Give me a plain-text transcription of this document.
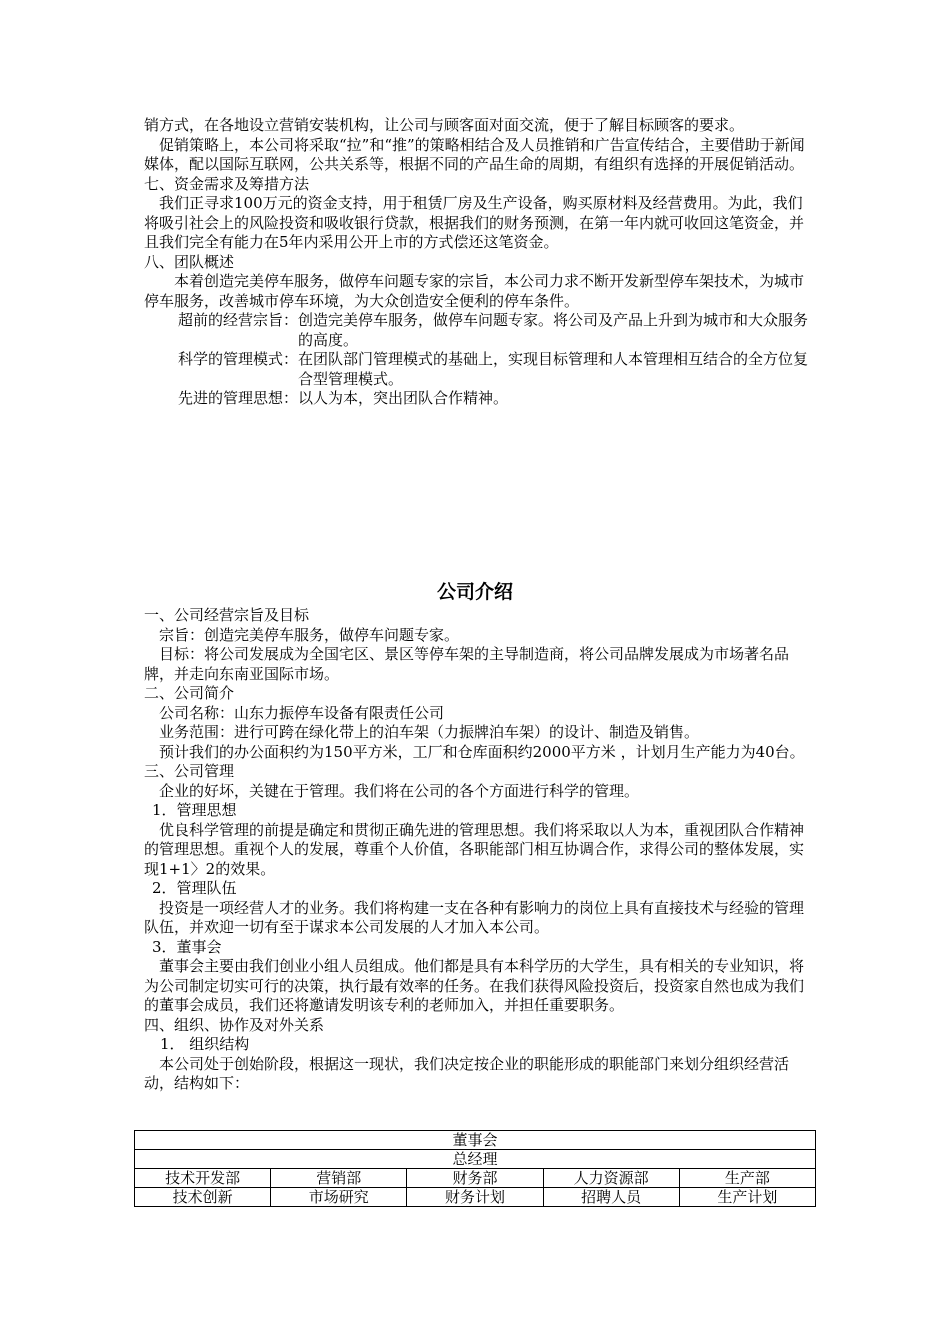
销方式，在各地设立营销安装机构，让公司与顾客面对面交流，便于了解目标顾客的要求。

促销策略上，本公司将采取“拉”和“推”的策略相结合及人员推销和广告宣传结合，主要借助于新闻媒体，配以国际互联网，公共关系等，根据不同的产品生命的周期，有组织有选择的开展促销活动。

七、资金需求及筹措方法

我们正寻求100万元的资金支持，用于租赁厂房及生产设备，购买原材料及经营费用。为此，我们将吸引社会上的风险投资和吸收银行贷款，根据我们的财务预测，在第一年内就可收回这笔资金，并且我们完全有能力在5年内采用公开上市的方式偿还这笔资金。

八、团队概述

本着创造完美停车服务，做停车问题专家的宗旨，本公司力求不断开发新型停车架技术，为城市停车服务，改善城市停车环境，为大众创造安全便利的停车条件。

超前的经营宗旨： 创造完美停车服务，做停车问题专家。将公司及产品上升到为城市和大众服务的高度。
科学的管理模式： 在团队部门管理模式的基础上，实现目标管理和人本管理相互结合的全方位复合型管理模式。
先进的管理思想： 以人为本，突出团队合作精神。
公司介绍

一、公司经营宗旨及目标

宗旨：创造完美停车服务，做停车问题专家。

目标：将公司发展成为全国宅区、景区等停车架的主导制造商，将公司品牌发展成为市场著名品牌，并走向东南亚国际市场。

二、公司简介

公司名称：山东力振停车设备有限责任公司

业务范围：进行可跨在绿化带上的泊车架（力振牌泊车架）的设计、制造及销售。

预计我们的办公面积约为150平方米，工厂和仓库面积约2000平方米 ，计划月生产能力为40台。

三、公司管理

企业的好坏，关键在于管理。我们将在公司的各个方面进行科学的管理。

1．管理思想

优良科学管理的前提是确定和贯彻正确先进的管理思想。我们将采取以人为本，重视团队合作精神的管理思想。重视个人的发展，尊重个人价值，各职能部门相互协调合作，求得公司的整体发展，实现1+1〉2的效果。

2．管理队伍

投资是一项经营人才的业务。我们将构建一支在各种有影响力的岗位上具有直接技术与经验的管理队伍，并欢迎一切有至于谋求本公司发展的人才加入本公司。

3．董事会

董事会主要由我们创业小组人员组成。他们都是具有本科学历的大学生，具有相关的专业知识，将为公司制定切实可行的决策，执行最有效率的任务。在我们获得风险投资后，投资家自然也成为我们的董事会成员，我们还将邀请发明该专利的老师加入，并担任重要职务。

四、组织、协作及对外关系

1． 组织结构

本公司处于创始阶段，根据这一现状，我们决定按企业的职能形成的职能部门来划分组织经营活动，结构如下：

董事会				
总经理				
技术开发部	营销部	财务部	人力资源部	生产部
技术创新	市场研究	财务计划	招聘人员	生产计划
